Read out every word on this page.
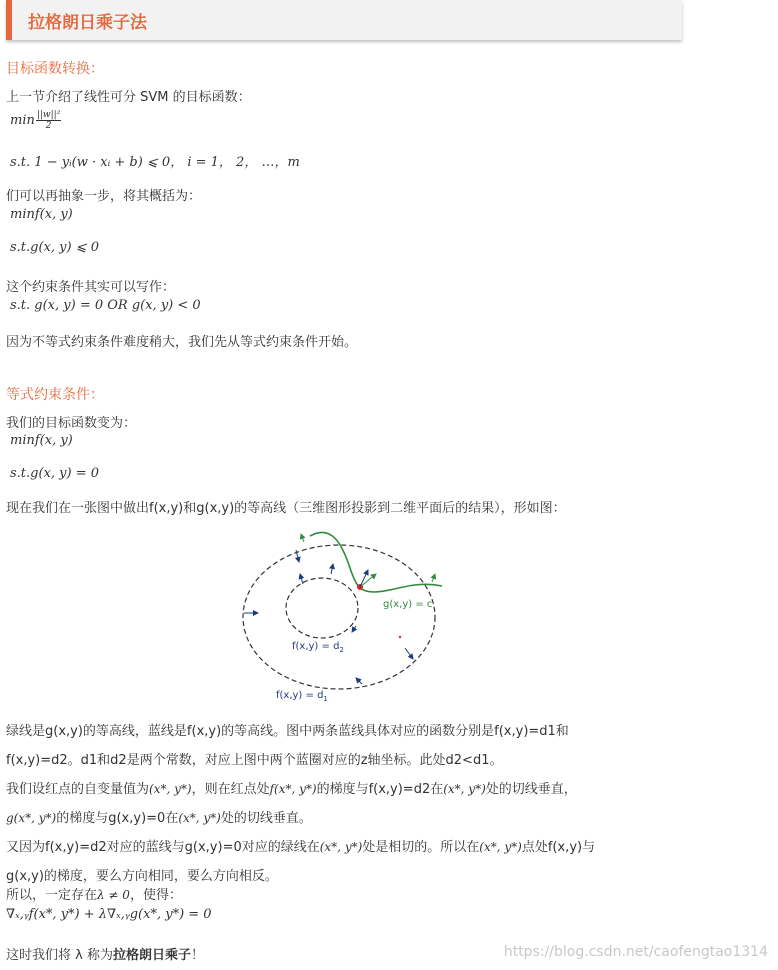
拉格朗日乘子法
目标函数转换：
上一节介绍了线性可分 SVM 的目标函数：
$\min \frac{\text{||w||²}}{2}$
s.t. 1 − yᵢ(w · xᵢ + b) ⩽ 0， i = 1， 2， …，m
们可以再抽象一步，将其概括为：
minf(x, y)
s.t.g(x, y) ⩽ 0
这个约束条件其实可以写作：
s.t. g(x, y) = 0 OR g(x, y) < 0
因为不等式约束条件难度稍大，我们先从等式约束条件开始。
等式约束条件：
我们的目标函数变为：
minf(x, y)
s.t.g(x, y) = 0
现在我们在一张图中做出f(x,y)和g(x,y)的等高线（三维图形投影到二维平面后的结果），形如图：
g(x,y) = c
$f(x,y) = d_2$
$f(x,y) = d_1$
绿线是g(x,y)的等高线，蓝线是f(x,y)的等高线。图中两条蓝线具体对应的函数分别是f(x,y)=d1和
f(x,y)=d2。d1和d2是两个常数，对应上图中两个蓝圈对应的z轴坐标。此处d2<d1。
我们设红点的自变量值为(x*, y*)，则在红点处f(x*, y*)的梯度与f(x,y)=d2在(x*, y*)处的切线垂直，
g(x*, y*)的梯度与g(x,y)=0在(x*, y*)处的切线垂直。
又因为f(x,y)=d2对应的蓝线与g(x,y)=0对应的绿线在(x*, y*)处是相切的。所以在(x*, y*)点处f(x,y)与
g(x,y)的梯度，要么方向相同，要么方向相反。
所以，一定存在λ ≠ 0，使得：
∇ₓ,ᵧf(x*, y*) + λ∇ₓ,ᵧg(x*, y*) = 0
这时我们将 λ 称为拉格朗日乘子！	https://blog.csdn.net/caofengtao1314
